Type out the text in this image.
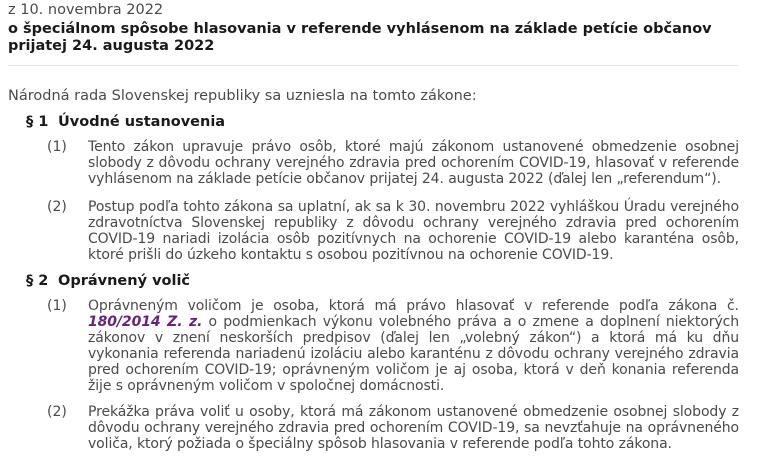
z 10. novembra 2022
o špeciálnom spôsobe hlasovania v referende vyhlásenom na základe petície občanov prijatej 24. augusta 2022
Národná rada Slovenskej republiky sa uzniesla na tomto zákone:
§ 1 Úvodné ustanovenia
(1) Tento zákon upravuje právo osôb, ktoré majú zákonom ustanovené obmedzenie osobnej slobody z dôvodu ochrany verejného zdravia pred ochorením COVID-19, hlasovať v referende vyhlásenom na základe petície občanov prijatej 24. augusta 2022 (ďalej len „referendum“).
(2) Postup podľa tohto zákona sa uplatní, ak sa k 30. novembru 2022 vyhláškou Úradu verejného zdravotníctva Slovenskej republiky z dôvodu ochrany verejného zdravia pred ochorením COVID-19 nariadi izolácia osôb pozitívnych na ochorenie COVID-19 alebo karanténa osôb, ktoré prišli do úzkeho kontaktu s osobou pozitívnou na ochorenie COVID-19.
§ 2 Oprávnený volič
(1) Oprávneným voličom je osoba, ktorá má právo hlasovať v referende podľa zákona č. 180/2014 Z. z. o podmienkach výkonu volebného práva a o zmene a doplnení niektorých zákonov v znení neskorších predpisov (ďalej len „volebný zákon“) a ktorá má ku dňu vykonania referenda nariadenú izoláciu alebo karanténu z dôvodu ochrany verejného zdravia pred ochorením COVID-19; oprávneným voličom je aj osoba, ktorá v deň konania referenda žije s oprávneným voličom v spoločnej domácnosti.
(2) Prekážka práva voliť u osoby, ktorá má zákonom ustanovené obmedzenie osobnej slobody z dôvodu ochrany verejného zdravia pred ochorením COVID-19, sa nevzťahuje na oprávneného voliča, ktorý požiada o špeciálny spôsob hlasovania v referende podľa tohto zákona.
